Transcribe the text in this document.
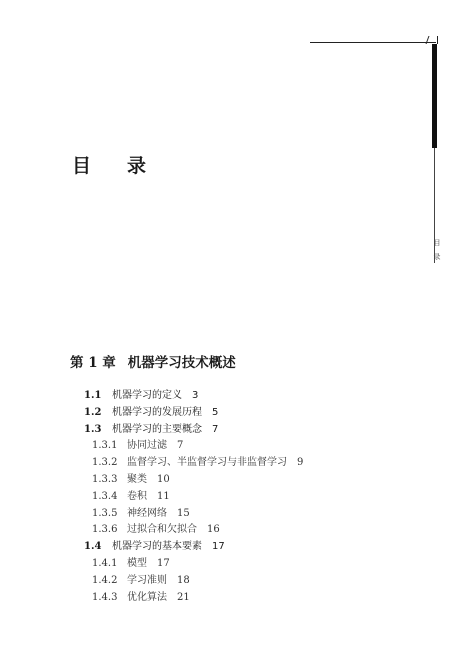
目
录
目录
第 1 章 机器学习技术概述
1.1 机器学习的定义 3
1.2 机器学习的发展历程 5
1.3 机器学习的主要概念 7
1.3.1 协同过滤 7
1.3.2 监督学习、半监督学习与非监督学习 9
1.3.3 聚类 10
1.3.4 卷积 11
1.3.5 神经网络 15
1.3.6 过拟合和欠拟合 16
1.4 机器学习的基本要素 17
1.4.1 模型 17
1.4.2 学习准则 18
1.4.3 优化算法 21
